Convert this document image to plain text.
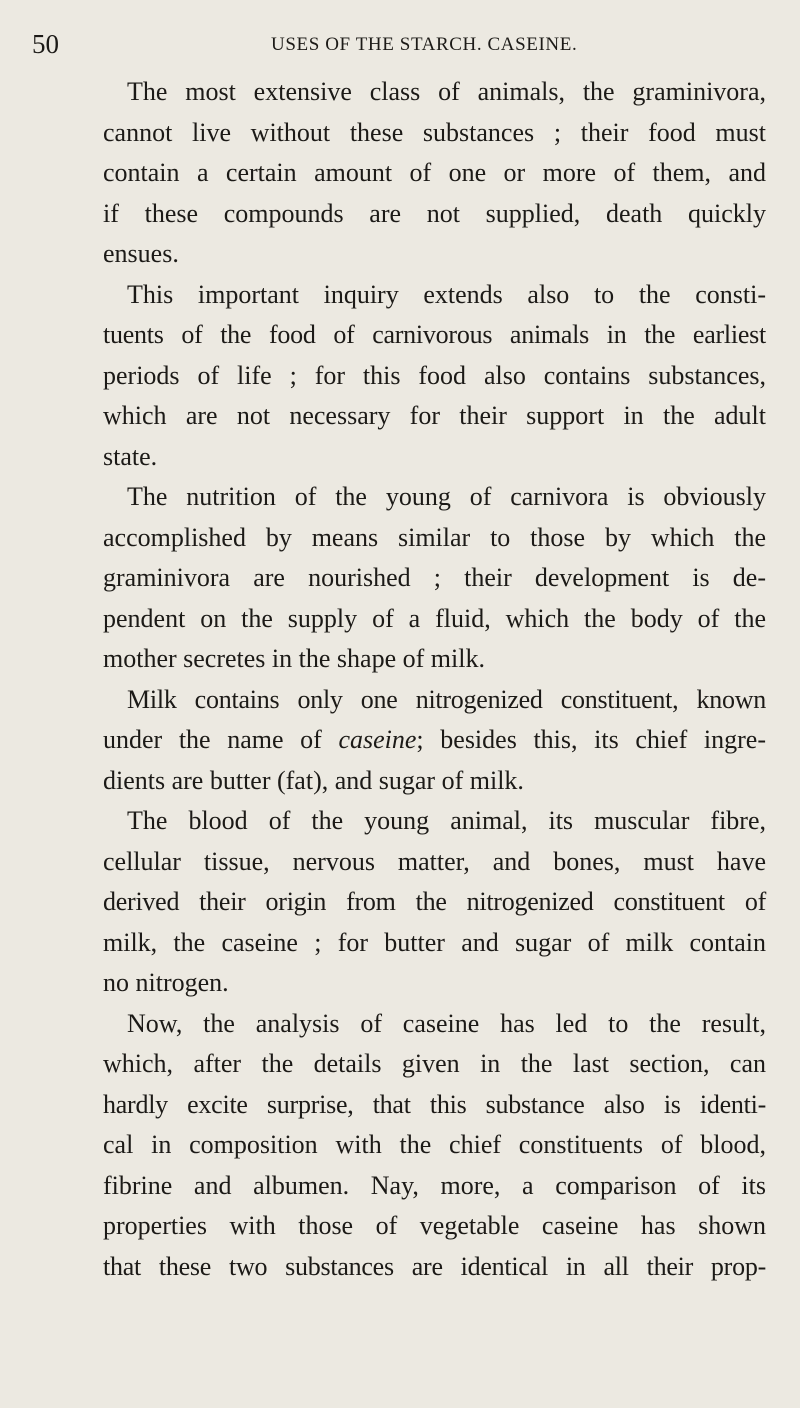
50	USES OF THE STARCH. CASEINE.
The most extensive class of animals, the graminivora,
cannot live without these substances ; their food must
contain a certain amount of one or more of them, and
if these compounds are not supplied, death quickly
ensues.
This important inquiry extends also to the consti-
tuents of the food of carnivorous animals in the earliest
periods of life ; for this food also contains substances,
which are not necessary for their support in the adult
state.
The nutrition of the young of carnivora is obviously
accomplished by means similar to those by which the
graminivora are nourished ; their development is de-
pendent on the supply of a fluid, which the body of the
mother secretes in the shape of milk.
Milk contains only one nitrogenized constituent, known
under the name of caseine; besides this, its chief ingre-
dients are butter (fat), and sugar of milk.
The blood of the young animal, its muscular fibre,
cellular tissue, nervous matter, and bones, must have
derived their origin from the nitrogenized constituent of
milk, the caseine ; for butter and sugar of milk contain
no nitrogen.
Now, the analysis of caseine has led to the result,
which, after the details given in the last section, can
hardly excite surprise, that this substance also is identi-
cal in composition with the chief constituents of blood,
fibrine and albumen. Nay, more, a comparison of its
properties with those of vegetable caseine has shown
that these two substances are identical in all their prop-
